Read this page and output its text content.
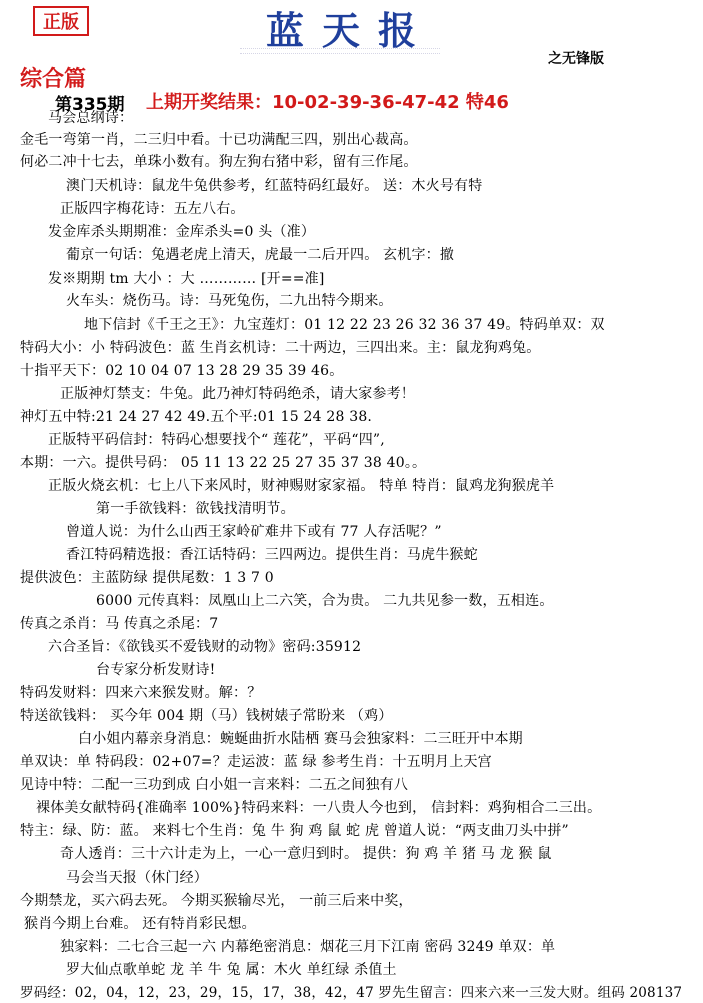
正版	蓝天报
之无锋版
综合篇
第335期 上期开奖结果：10-02-39-36-47-42 特46
马会总纲诗：
金毛一弯第一肖，二三归中看。十已功满配三四，别出心裁高。
何必二冲十七去，单珠小数有。狗左狗右猪中彩，留有三作尾。
澳门天机诗：鼠龙牛兔供参考，红蓝特码红最好。 送：木火号有特
正版四字梅花诗：五左八右。
发金库杀头期期准：金库杀头=0 头（准）
葡京一句话：兔遇老虎上清天，虎最一二后开四。 玄机字：撤
发※期期 tm 大小 ：大 ………… [开==准]
火车头：烧伤马。诗：马死兔伤，二九出特今期来。
地下信封《千王之王》：九宝莲灯：01 12 22 23 26 32 36 37 49。特码单双：双
特码大小：小 特码波色：蓝 生肖玄机诗：二十两边，三四出来。主：鼠龙狗鸡兔。
十指平天下：02 10 04 07 13 28 29 35 39 46。
正版神灯禁支：牛兔。此乃神灯特码绝杀，请大家参考！
神灯五中特:21 24 27 42 49.五个平:01 15 24 28 38.
正版特平码信封：特码心想要找个“ 莲花”，平码“四”,
本期：一六。提供号码： 05 11 13 22 25 27 35 37 38 40。。
正版火烧玄机：七上八下来风时，财神赐财家家福。 特单 特肖：鼠鸡龙狗猴虎羊
第一手欲钱料：欲钱找清明节。
曾道人说：为什么山西王家岭矿难井下或有 77 人存活呢？”
香江特码精选报：香江话特码：三四两边。提供生肖：马虎牛猴蛇
提供波色：主蓝防绿 提供尾数：1 3 7 0
6000 元传真料：凤凰山上二六笑，合为贵。 二九共见参一数，五相连。
传真之杀肖：马 传真之杀尾：7
六合圣旨：《欲钱买不爱钱财的动物》密码:35912
台专家分析发财诗!
特码发财料：四来六来猴发财。解：？
特送欲钱料： 买今年 004 期（马）钱树婊子常盼来 （鸡）
白小姐内幕亲身消息：蜿蜒曲折水陆栖 赛马会独家料：二三旺开中本期
单双诀：单 特码段：02+07=？走运波：蓝 绿 参考生肖：十五明月上天宫
见诗中特：二配一三功到成 白小姐一言来料：二五之间独有八
裸体美女献特码{准确率 100%}特码来料：一八贵人今也到， 信封料：鸡狗相合二三出。
特主：绿、防：蓝。 来料七个生肖：兔 牛 狗 鸡 鼠 蛇 虎 曾道人说：“两支曲刀头中拼”
奇人透肖：三十六计走为上，一心一意归到时。 提供：狗 鸡 羊 猪 马 龙 猴 鼠
马会当天报（休门经）
今期禁龙，买六码去死。 今期买猴输尽光， 一前三后来中奖，
猴肖今期上台难。 还有特肖彩民想。
独家料：二七合三起一六 内幕绝密消息：烟花三月下江南 密码 3249 单双：单
罗大仙点歌单蛇 龙 羊 牛 兔 属：木火 单红绿 杀值土
罗码经：02，04，12，23，29，15，17，38，42，47 罗先生留言：四来六来一三发大财。组码 208137
